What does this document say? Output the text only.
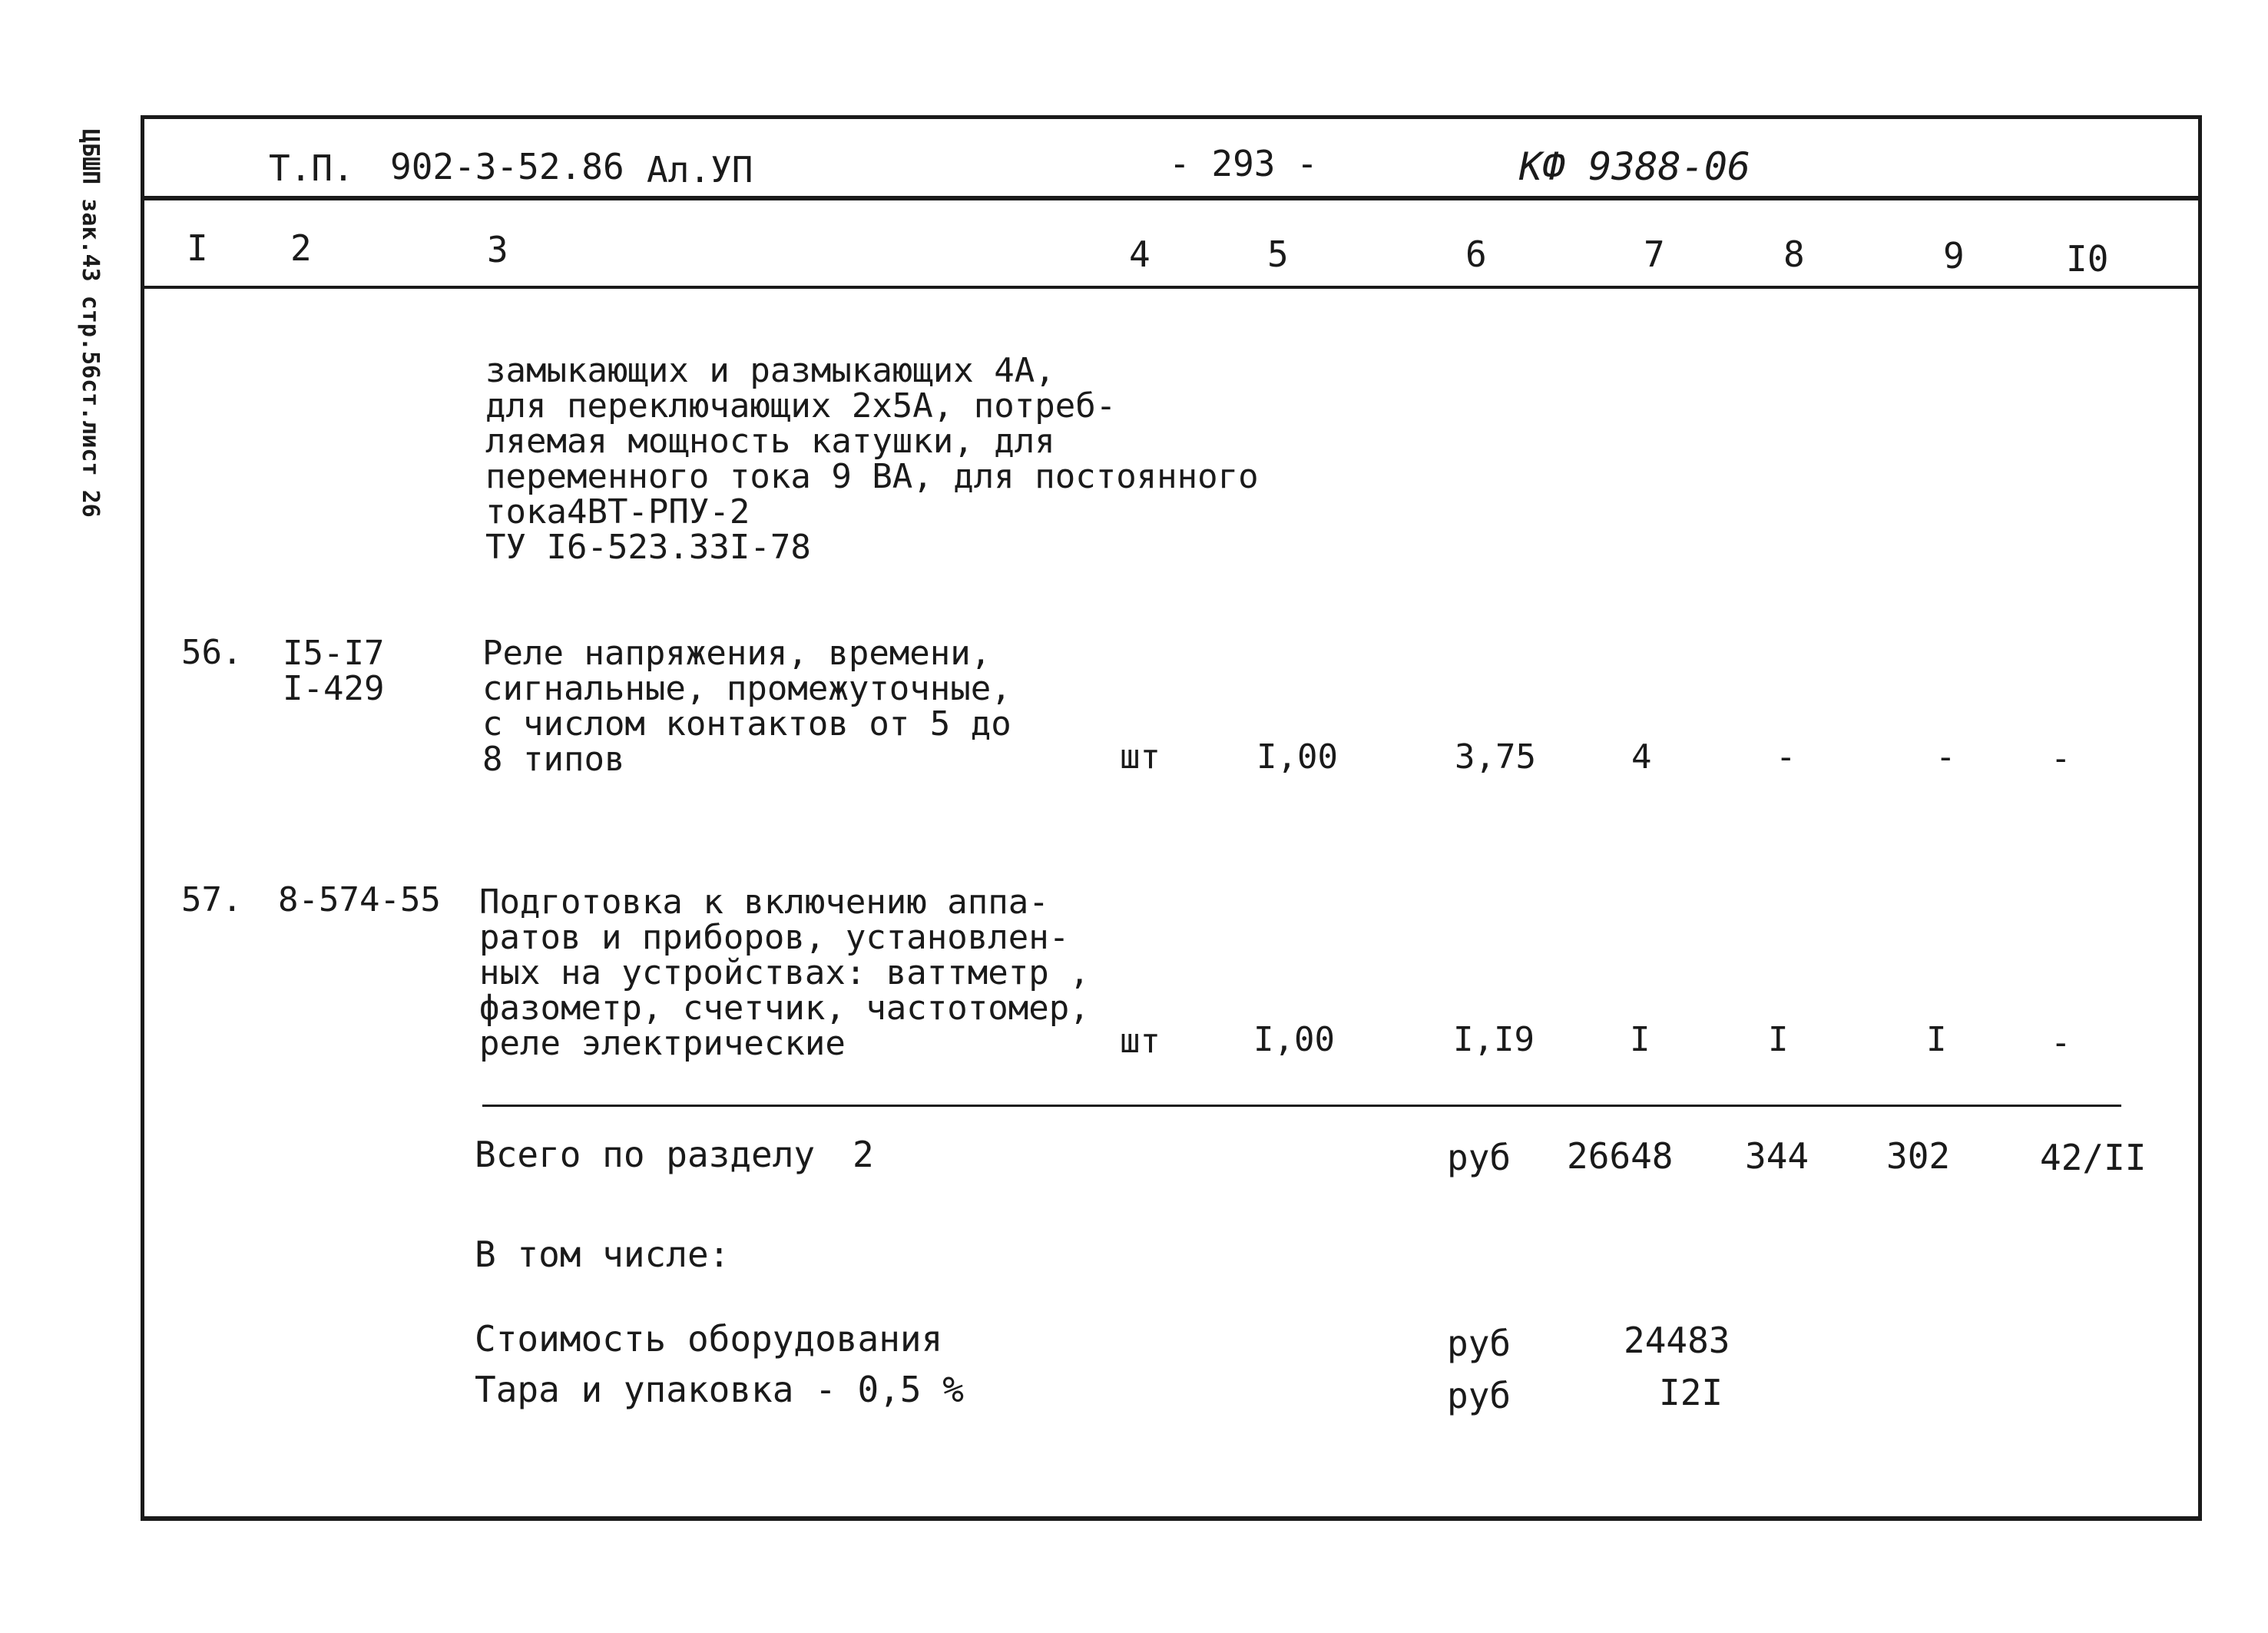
ЦБШП зак.43 стр.56ст.лист 26	Т.П. 902-3-52.86 Ал.УП	- 293 -	КФ 9388-06
I 2	3	4	5	6	7	8	9	I0
замыкающих и размыкающих 4А,
для переключающих 2х5А, потреб-
ляемая мощность катушки, для
переменного тока 9 ВА, для постоянного
тока4ВТ-РПУ-2
ТУ I6-523.33I-78
56. I5-I7
I-429
Реле напряжения, времени,
сигнальные, промежуточные,
с числом контактов от 5 до
8 типов	шт	I,00	3,75	4	-	-	-
57. 8-574-55 Подготовка к включению аппа-
ратов и приборов, установлен-
ных на устройствах: ваттметр ,
фазометр, счетчик, частотомер,
реле электрические	шт	I,00	I,I9	I	I	I	-
Всего по разделу 2	руб 26648 344 302	42/II
В том числе:
Стоимость оборудования	руб	24483
Тара и упаковка - 0,5 %	руб	I2I
